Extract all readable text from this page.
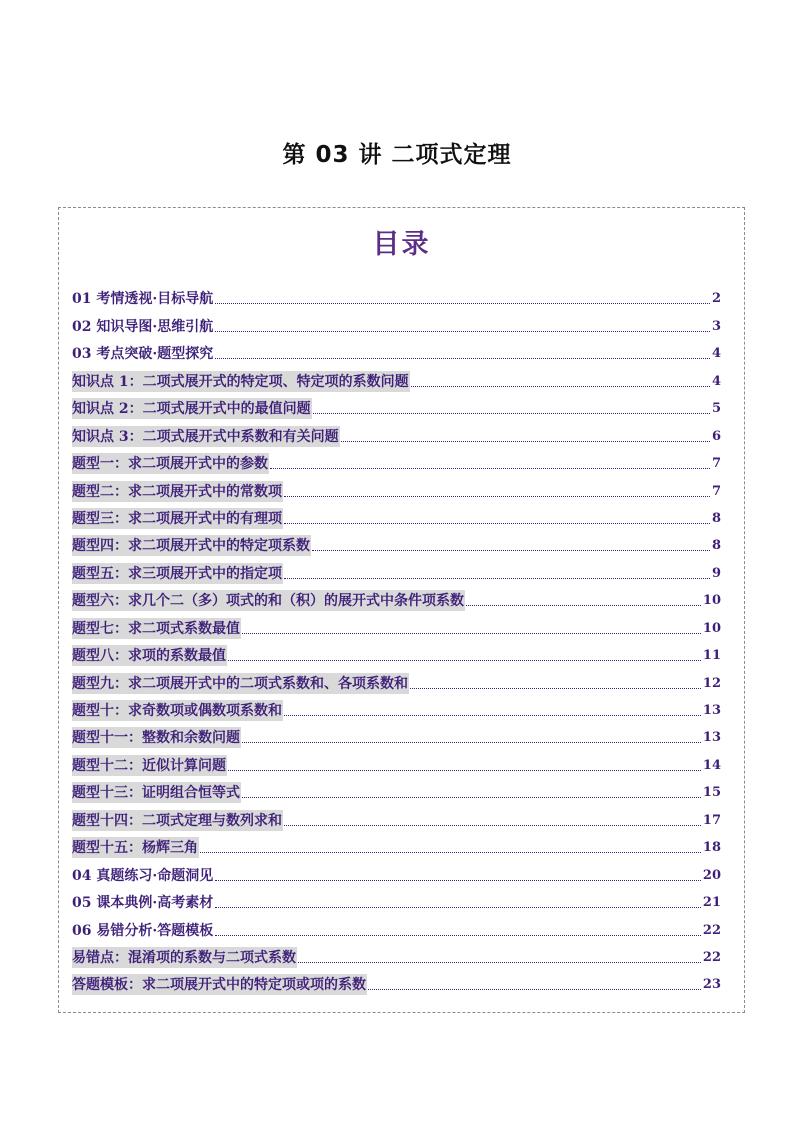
第 03 讲 二项式定理
目录
01 考情透视·目标导航	2
02 知识导图·思维引航	3
03 考点突破·题型探究	4
知识点 1：二项式展开式的特定项、特定项的系数问题	4
知识点 2：二项式展开式中的最值问题	5
知识点 3：二项式展开式中系数和有关问题	6
题型一：求二项展开式中的参数	7
题型二：求二项展开式中的常数项	7
题型三：求二项展开式中的有理项	8
题型四：求二项展开式中的特定项系数	8
题型五：求三项展开式中的指定项	9
题型六：求几个二（多）项式的和（积）的展开式中条件项系数	10
题型七：求二项式系数最值	10
题型八：求项的系数最值	11
题型九：求二项展开式中的二项式系数和、各项系数和	12
题型十：求奇数项或偶数项系数和	13
题型十一：整数和余数问题	13
题型十二：近似计算问题	14
题型十三：证明组合恒等式	15
题型十四：二项式定理与数列求和	17
题型十五：杨辉三角	18
04 真题练习·命题洞见	20
05 课本典例·高考素材	21
06 易错分析·答题模板	22
易错点：混淆项的系数与二项式系数	22
答题模板：求二项展开式中的特定项或项的系数	23
